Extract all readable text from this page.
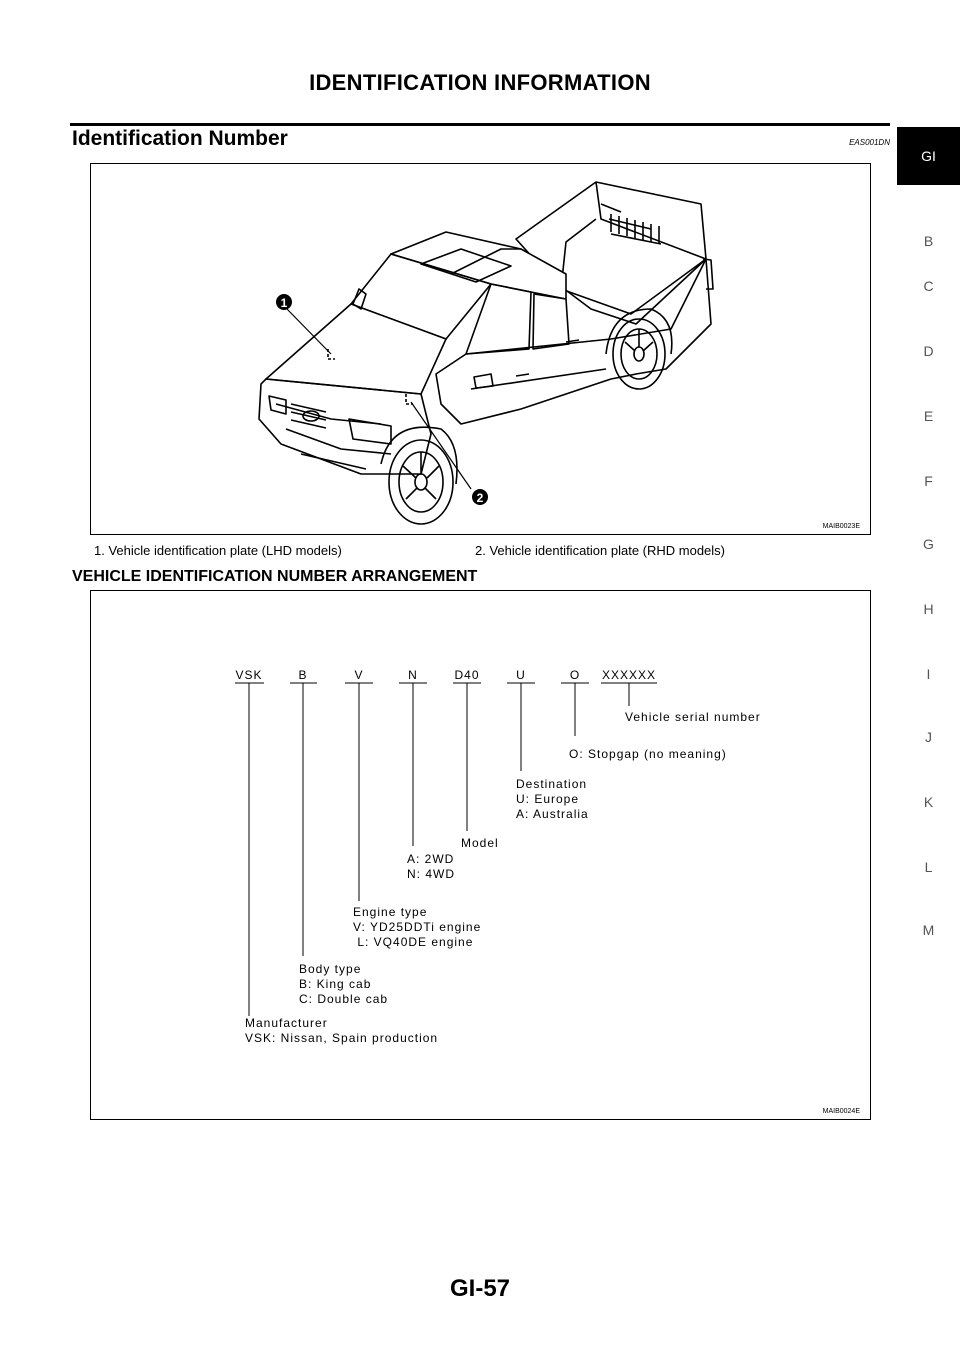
IDENTIFICATION INFORMATION
Identification Number	EAS001DN
GI
B
C
D
E
F
G
H
I
J
K
L
M
1
2
MAIB0023E
1. Vehicle identification plate (LHD models)	2. Vehicle identification plate (RHD models)
VEHICLE IDENTIFICATION NUMBER ARRANGEMENT
VSK	B	V	N	D40	U	O XXXXXX
Vehicle serial number
O: Stopgap (no meaning)
Destination
U: Europe
A: Australia
Model
A: 2WD
N: 4WD
Engine type
V: YD25DDTi engine
L: VQ40DE engine
Body type
B: King cab
C: Double cab
Manufacturer
VSK: Nissan, Spain production
MAIB0024E
GI-57
